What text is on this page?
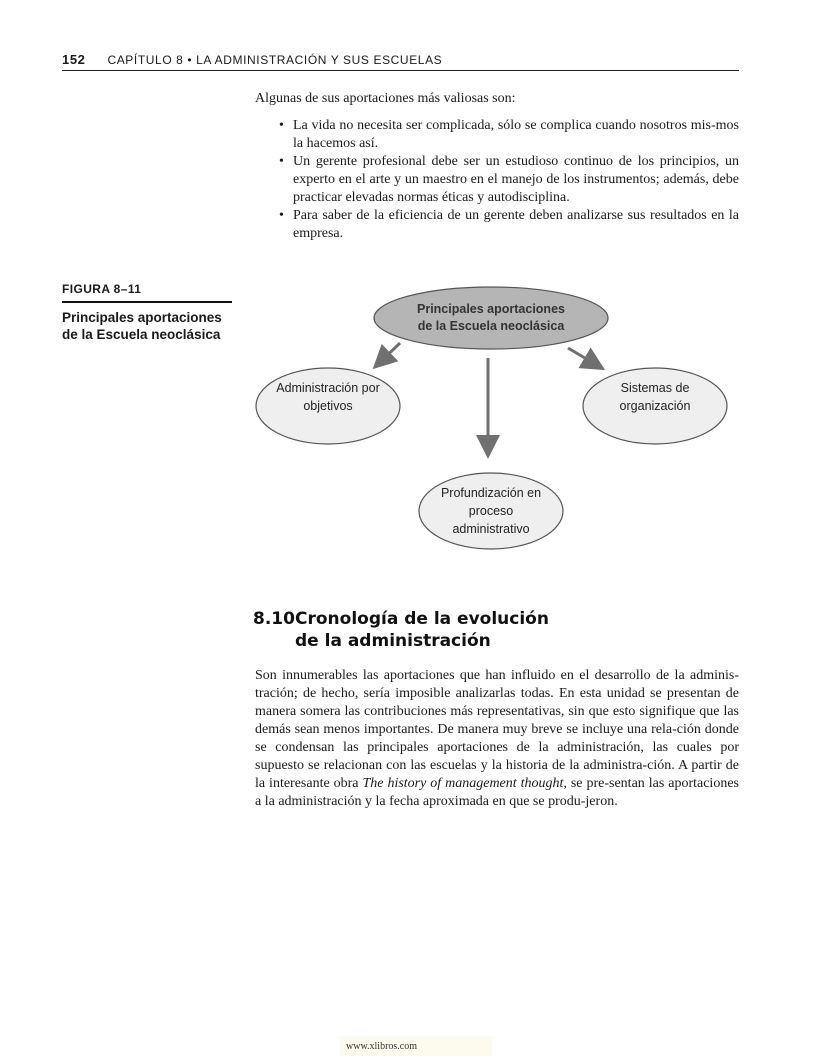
152 CAPÍTULO 8 • LA ADMINISTRACIÓN Y SUS ESCUELAS

Algunas de sus aportaciones más valiosas son:

• La vida no necesita ser complicada, sólo se complica cuando nosotros mis-mos la hacemos así.
• Un gerente profesional debe ser un estudioso continuo de los principios, un experto en el arte y un maestro en el manejo de los instrumentos; además, debe practicar elevadas normas éticas y autodisciplina.
• Para saber de la eficiencia de un gerente deben analizarse sus resultados en la empresa.
FIGURA 8–11
Principales aportaciones de la Escuela neoclásica
Principales aportaciones de la Escuela neoclásica
Administración por objetivos
Profundización en proceso administrativo
Sistemas de organización
8.10Cronología de la evolución
de la administración

Son innumerables las aportaciones que han influido en el desarrollo de la adminis-tración; de hecho, sería imposible analizarlas todas. En esta unidad se presentan de manera somera las contribuciones más representativas, sin que esto signifique que las demás sean menos importantes. De manera muy breve se incluye una rela-ción donde se condensan las principales aportaciones de la administración, las cuales por supuesto se relacionan con las escuelas y la historia de la administra-ción. A partir de la interesante obra The history of management thought, se pre-sentan las aportaciones a la administración y la fecha aproximada en que se produ-jeron.

www.xlibros.com
